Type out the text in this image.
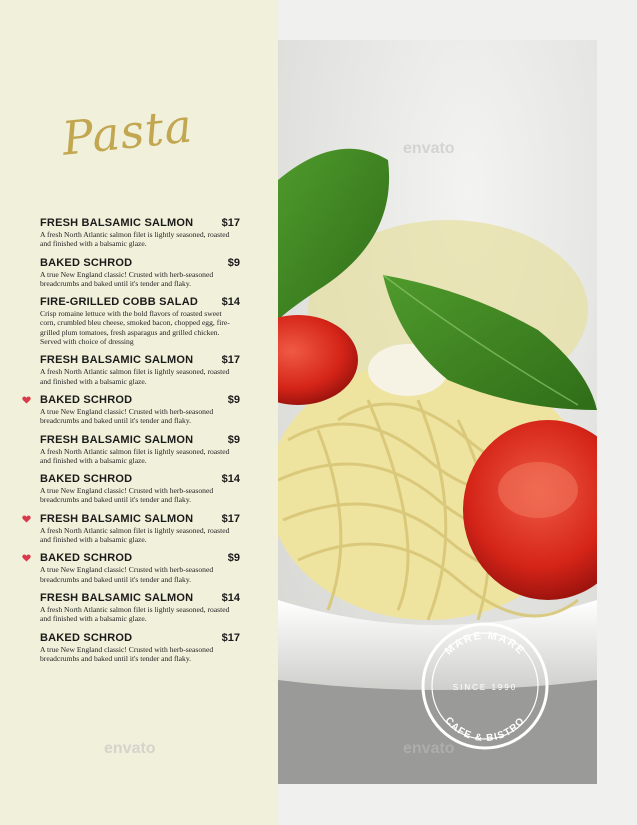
Pasta
FRESH BALSAMIC SALMON	$17
A fresh North Atlantic salmon filet is lightly seasoned, roasted and finished with a balsamic glaze.
BAKED SCHROD	$9
A true New England classic! Crusted with herb-seasoned breadcrumbs and baked until it's tender and flaky.
FIRE-GRILLED COBB SALAD $14
Crisp romaine lettuce with the bold flavors of roasted sweet corn, crumbled bleu cheese, smoked bacon, chopped egg, fire-grilled plum tomatoes, fresh asparagus and grilled chicken. Served with choice of dressing
FRESH BALSAMIC SALMON	$17
A fresh North Atlantic salmon filet is lightly seasoned, roasted and finished with a balsamic glaze.
BAKED SCHROD	$9
A true New England classic! Crusted with herb-seasoned breadcrumbs and baked until it's tender and flaky.
FRESH BALSAMIC SALMON	$9
A fresh North Atlantic salmon filet is lightly seasoned, roasted and finished with a balsamic glaze.
BAKED SCHROD	$14
A true New England classic! Crusted with herb-seasoned breadcrumbs and baked until it's tender and flaky.
FRESH BALSAMIC SALMON	$17
A fresh North Atlantic salmon filet is lightly seasoned, roasted and finished with a balsamic glaze.
BAKED SCHROD	$9
A true New England classic! Crusted with herb-seasoned breadcrumbs and baked until it's tender and flaky.
FRESH BALSAMIC SALMON	$14
A fresh North Atlantic salmon filet is lightly seasoned, roasted and finished with a balsamic glaze.
BAKED SCHROD	$17
A true New England classic! Crusted with herb-seasoned breadcrumbs and baked until it's tender and flaky.
MARE MARE
SINCE 1990
CAFE & BISTRO
envato
envato
envato
